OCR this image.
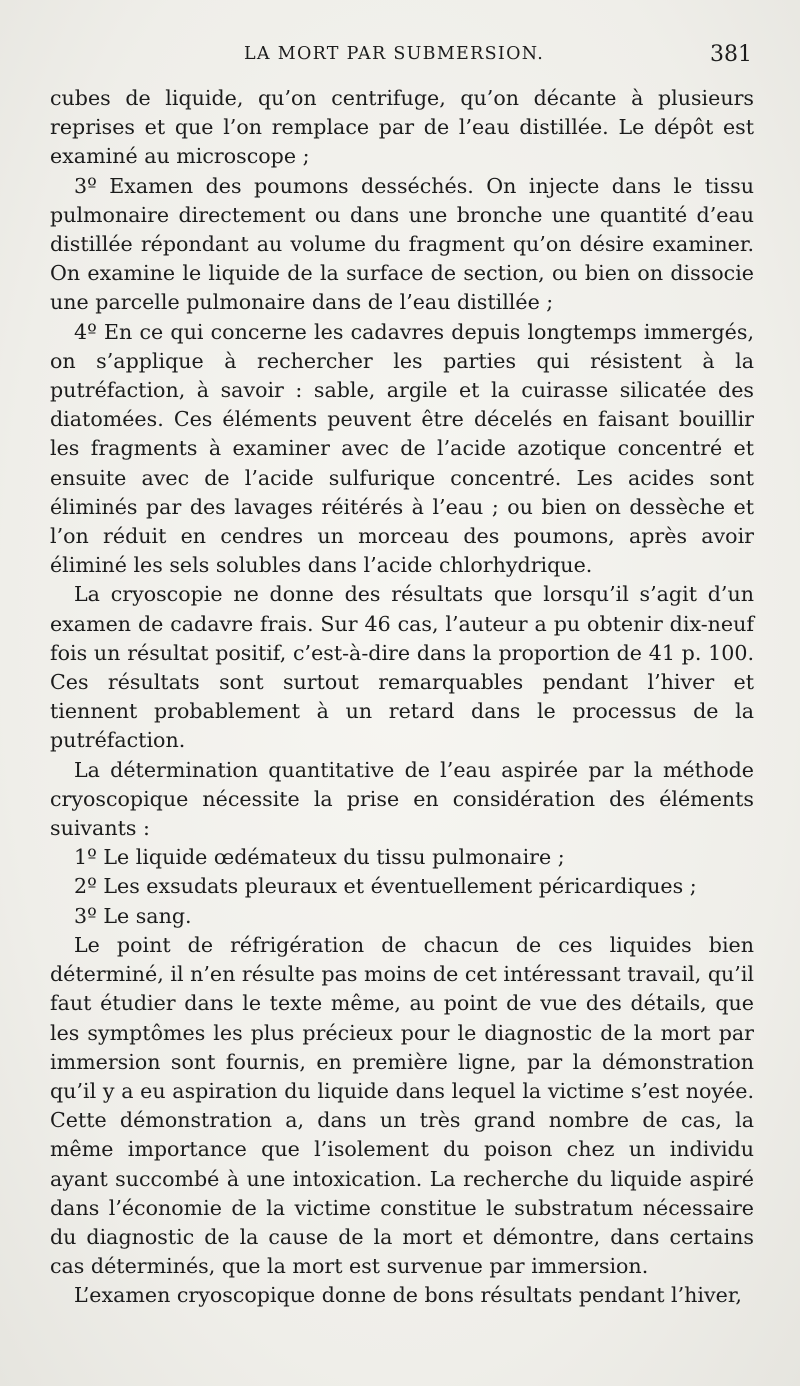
LA MORT PAR SUBMERSION.	381

cubes de liquide, qu’on centrifuge, qu’on décante à plusieurs reprises et que l’on remplace par de l’eau distillée. Le dépôt est examiné au microscope ;

3º Examen des poumons desséchés. On injecte dans le tissu pulmonaire directement ou dans une bronche une quantité d’eau distillée répondant au volume du fragment qu’on désire examiner. On examine le liquide de la surface de section, ou bien on dissocie une parcelle pulmonaire dans de l’eau distillée ;

4º En ce qui concerne les cadavres depuis longtemps immergés, on s’applique à rechercher les parties qui résistent à la putréfaction, à savoir : sable, argile et la cuirasse silicatée des diatomées. Ces éléments peuvent être décelés en faisant bouillir les fragments à examiner avec de l’acide azotique concentré et ensuite avec de l’acide sulfurique concentré. Les acides sont éliminés par des lavages réitérés à l’eau ; ou bien on dessèche et l’on réduit en cendres un morceau des poumons, après avoir éliminé les sels solubles dans l’acide chlorhydrique.

La cryoscopie ne donne des résultats que lorsqu’il s’agit d’un examen de cadavre frais. Sur 46 cas, l’auteur a pu obtenir dix-neuf fois un résultat positif, c’est-à-dire dans la proportion de 41 p. 100. Ces résultats sont surtout remarquables pendant l’hiver et tiennent probablement à un retard dans le processus de la putréfaction.

La détermination quantitative de l’eau aspirée par la méthode cryoscopique nécessite la prise en considération des éléments suivants :

1º Le liquide œdémateux du tissu pulmonaire ;

2º Les exsudats pleuraux et éventuellement péricardiques ;

3º Le sang.

Le point de réfrigération de chacun de ces liquides bien déterminé, il n’en résulte pas moins de cet intéressant travail, qu’il faut étudier dans le texte même, au point de vue des détails, que les symptômes les plus précieux pour le diagnostic de la mort par immersion sont fournis, en première ligne, par la démonstration qu’il y a eu aspiration du liquide dans lequel la victime s’est noyée. Cette démonstration a, dans un très grand nombre de cas, la même importance que l’isolement du poison chez un individu ayant succombé à une intoxication. La recherche du liquide aspiré dans l’économie de la victime constitue le substratum nécessaire du diagnostic de la cause de la mort et démontre, dans certains cas déterminés, que la mort est survenue par immersion.

L’examen cryoscopique donne de bons résultats pendant l’hiver,
